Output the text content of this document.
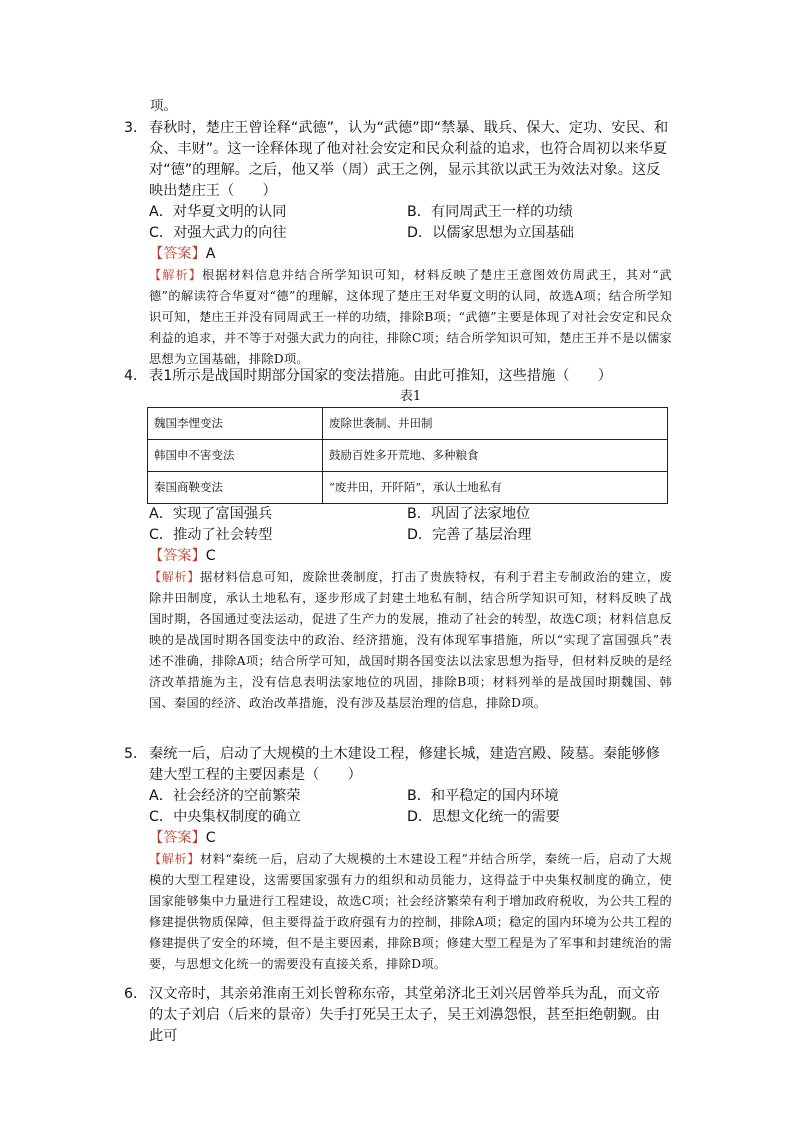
项。
3． 春秋时，楚庄王曾诠释“武德”，认为“武德”即“禁暴、戢兵、保大、定功、安民、和众、丰财”。这一诠释体现了他对社会安定和民众利益的追求，也符合周初以来华夏对“德”的理解。之后，他又举（周）武王之例，显示其欲以武王为效法对象。这反映出楚庄王（　　）
A．对华夏文明的认同	B．有同周武王一样的功绩
C．对强大武力的向往	D．以儒家思想为立国基础
【答案】A
【解析】根据材料信息并结合所学知识可知，材料反映了楚庄王意图效仿周武王，其对“武德”的解读符合华夏对“德”的理解，这体现了楚庄王对华夏文明的认同，故选A项；结合所学知识可知，楚庄王并没有同周武王一样的功绩，排除B项；“武德”主要是体现了对社会安定和民众利益的追求，并不等于对强大武力的向往，排除C项；结合所学知识可知，楚庄王并不是以儒家思想为立国基础，排除D项。
4． 表1所示是战国时期部分国家的变法措施。由此可推知，这些措施（　　）
表1
魏国李悝变法	废除世袭制、井田制
韩国申不害变法	鼓励百姓多开荒地、多种粮食
秦国商鞅变法	“废井田，开阡陌”，承认土地私有
A．实现了富国强兵	B．巩固了法家地位
C．推动了社会转型	D．完善了基层治理
【答案】C
【解析】据材料信息可知，废除世袭制度，打击了贵族特权，有利于君主专制政治的建立，废除井田制度，承认土地私有，逐步形成了封建土地私有制，结合所学知识可知，材料反映了战国时期，各国通过变法运动，促进了生产力的发展，推动了社会的转型，故选C项；材料信息反映的是战国时期各国变法中的政治、经济措施，没有体现军事措施，所以“实现了富国强兵”表述不准确，排除A项；结合所学可知，战国时期各国变法以法家思想为指导，但材料反映的是经济改革措施为主，没有信息表明法家地位的巩固，排除B项；材料列举的是战国时期魏国、韩国、秦国的经济、政治改革措施，没有涉及基层治理的信息，排除D项。
5． 秦统一后，启动了大规模的土木建设工程，修建长城，建造宫殿、陵墓。秦能够修建大型工程的主要因素是（　　）
A．社会经济的空前繁荣	B．和平稳定的国内环境
C．中央集权制度的确立	D．思想文化统一的需要
【答案】C
【解析】材料“秦统一后，启动了大规模的土木建设工程”并结合所学，秦统一后，启动了大规模的大型工程建设，这需要国家强有力的组织和动员能力，这得益于中央集权制度的确立，使国家能够集中力量进行工程建设，故选C项；社会经济繁荣有利于增加政府税收，为公共工程的修建提供物质保障，但主要得益于政府强有力的控制，排除A项；稳定的国内环境为公共工程的修建提供了安全的环境，但不是主要因素，排除B项；修建大型工程是为了军事和封建统治的需要，与思想文化统一的需要没有直接关系，排除D项。
6． 汉文帝时，其亲弟淮南王刘长曾称东帝，其堂弟济北王刘兴居曾举兵为乱，而文帝的太子刘启（后来的景帝）失手打死吴王太子，吴王刘濞怨恨，甚至拒绝朝觐。由此可
